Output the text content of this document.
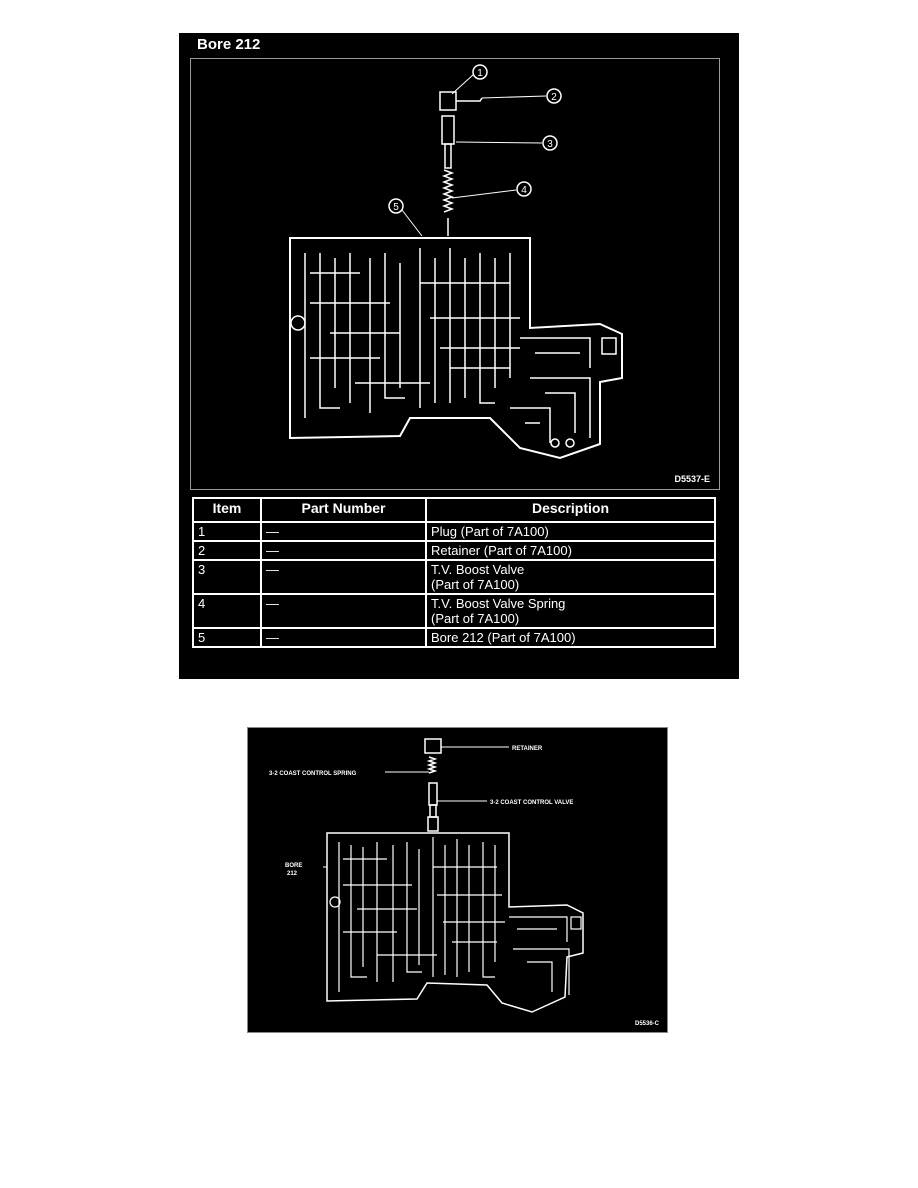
Bore 212
1
2
3
4
5
D5537-E
Item	Part Number	Description
1	—	Plug (Part of 7A100)
2	—	Retainer (Part of 7A100)
3	—	T.V. Boost Valve
(Part of 7A100)
4	—	T.V. Boost Valve Spring
(Part of 7A100)
5	—	Bore 212 (Part of 7A100)
RETAINER
3-2 COAST CONTROL SPRING
3-2 COAST CONTROL VALVE
BORE
212
D5536-C
